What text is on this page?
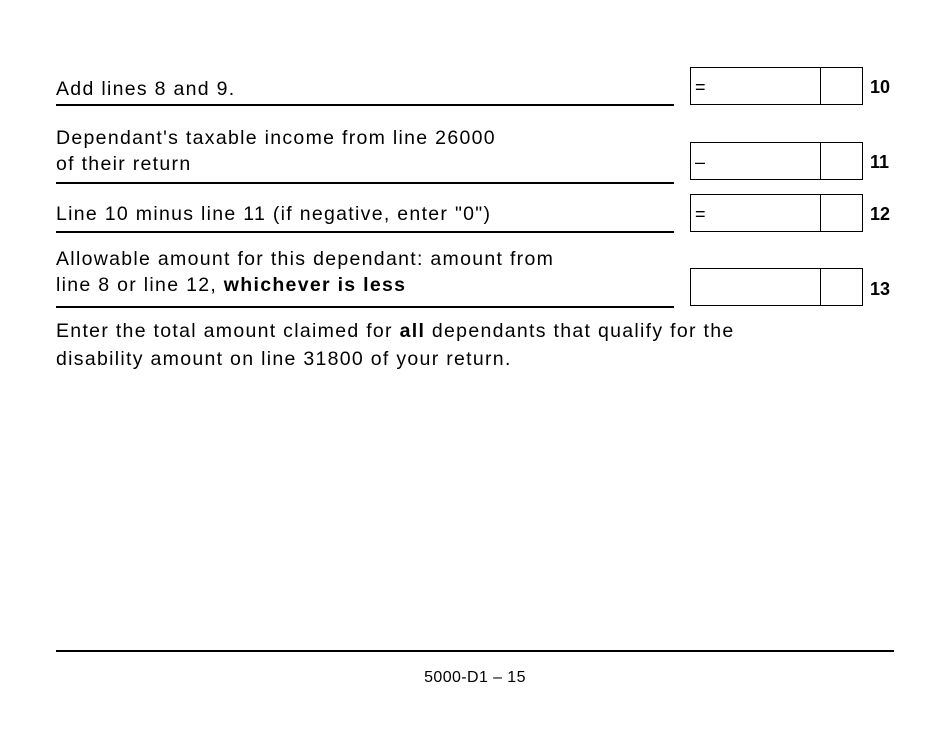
Add lines 8 and 9.	=	10
Dependant's taxable income from line 26000
of their return	–	11
Line 10 minus line 11 (if negative, enter "0")	=	12
Allowable amount for this dependant: amount from
line 8 or line 12, whichever is less	13
Enter the total amount claimed for all dependants that qualify for the
disability amount on line 31800 of your return.
5000-D1 – 15
